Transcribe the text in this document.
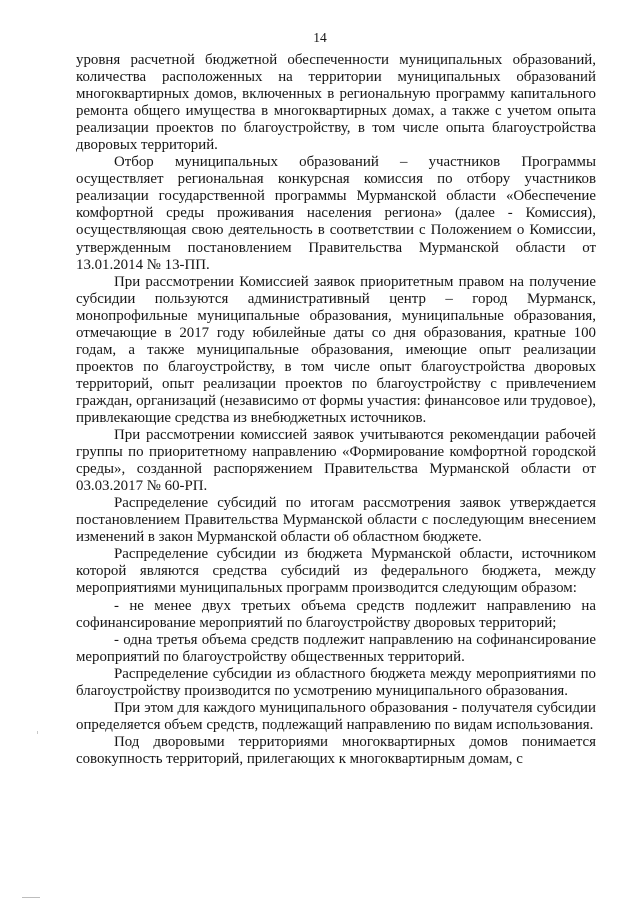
14

уровня расчетной бюджетной обеспеченности муниципальных образований, количества расположенных на территории муниципальных образований многоквартирных домов, включенных в региональную программу капитального ремонта общего имущества в многоквартирных домах, а также с учетом опыта реализации проектов по благоустройству, в том числе опыта благоустройства дворовых территорий.

Отбор муниципальных образований – участников Программы осуществляет региональная конкурсная комиссия по отбору участников реализации государственной программы Мурманской области «Обеспечение комфортной среды проживания населения региона» (далее - Комиссия), осуществляющая свою деятельность в соответствии с Положением о Комиссии, утвержденным постановлением Правительства Мурманской области от 13.01.2014 № 13-ПП.

При рассмотрении Комиссией заявок приоритетным правом на получение субсидии пользуются административный центр – город Мурманск, монопрофильные муниципальные образования, муниципальные образования, отмечающие в 2017 году юбилейные даты со дня образования, кратные 100 годам, а также муниципальные образования, имеющие опыт реализации проектов по благоустройству, в том числе опыт благоустройства дворовых территорий, опыт реализации проектов по благоустройству с привлечением граждан, организаций (независимо от формы участия: финансовое или трудовое), привлекающие средства из внебюджетных источников.

При рассмотрении комиссией заявок учитываются рекомендации рабочей группы по приоритетному направлению «Формирование комфортной городской среды», созданной распоряжением Правительства Мурманской области от 03.03.2017 № 60-РП.

Распределение субсидий по итогам рассмотрения заявок утверждается постановлением Правительства Мурманской области с последующим внесением изменений в закон Мурманской области об областном бюджете.

Распределение субсидии из бюджета Мурманской области, источником которой являются средства субсидий из федерального бюджета, между мероприятиями муниципальных программ производится следующим образом:

- не менее двух третьих объема средств подлежит направлению на софинансирование мероприятий по благоустройству дворовых территорий;

- одна третья объема средств подлежит направлению на софинансирование мероприятий по благоустройству общественных территорий.

Распределение субсидии из областного бюджета между мероприятиями по благоустройству производится по усмотрению муниципального образования.

При этом для каждого муниципального образования - получателя субсидии определяется объем средств, подлежащий направлению по видам использования.

Под дворовыми территориями многоквартирных домов понимается совокупность территорий, прилегающих к многоквартирным домам, с
